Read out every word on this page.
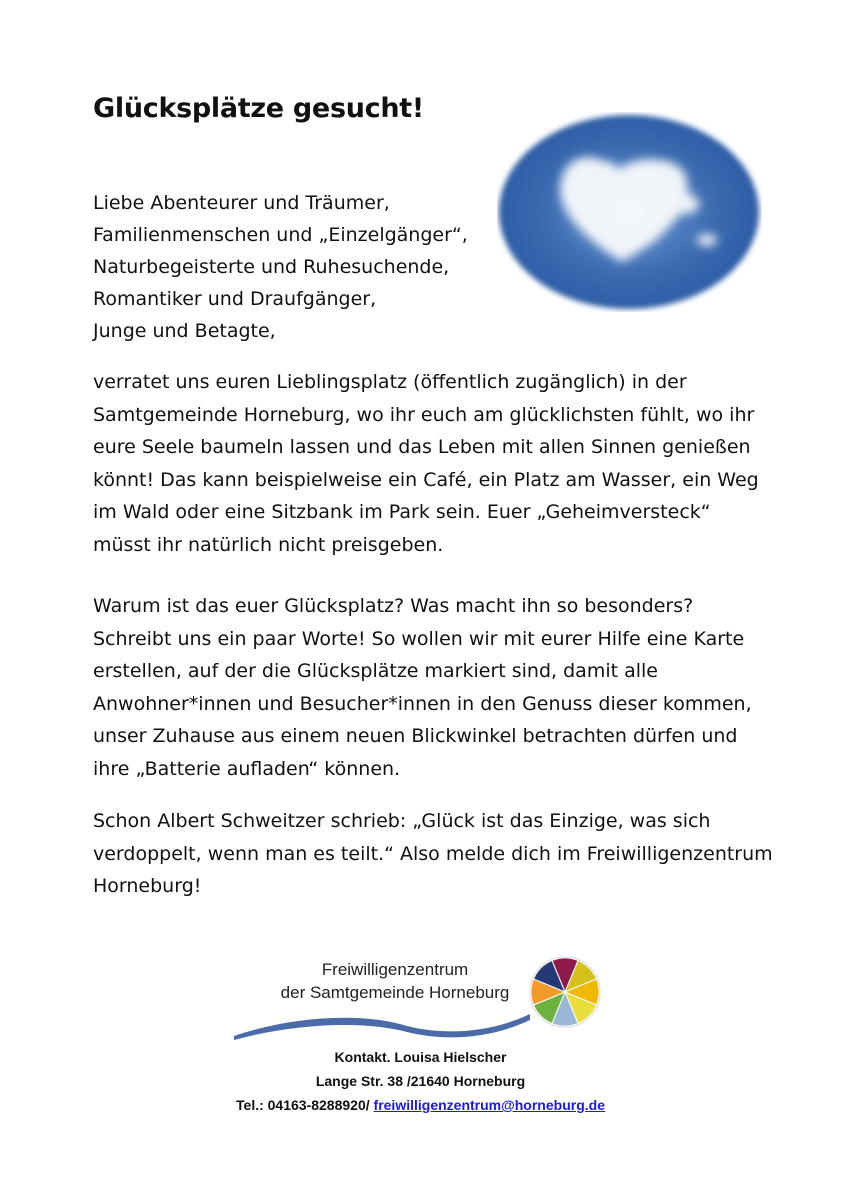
Glücksplätze gesucht!
Liebe Abenteurer und Träumer,
Familienmenschen und „Einzelgänger“,
Naturbegeisterte und Ruhesuchende,
Romantiker und Draufgänger,
Junge und Betagte,

verratet uns euren Lieblingsplatz (öffentlich zugänglich) in der Samtgemeinde Horneburg, wo ihr euch am glücklichsten fühlt, wo ihr eure Seele baumeln lassen und das Leben mit allen Sinnen genießen könnt! Das kann beispielweise ein Café, ein Platz am Wasser, ein Weg im Wald oder eine Sitzbank im Park sein. Euer „Geheimversteck“ müsst ihr natürlich nicht preisgeben.

Warum ist das euer Glücksplatz? Was macht ihn so besonders? Schreibt uns ein paar Worte! So wollen wir mit eurer Hilfe eine Karte erstellen, auf der die Glücksplätze markiert sind, damit alle Anwohner*innen und Besucher*innen in den Genuss dieser kommen, unser Zuhause aus einem neuen Blickwinkel betrachten dürfen und ihre „Batterie aufladen“ können.

Schon Albert Schweitzer schrieb: „Glück ist das Einzige, was sich verdoppelt, wenn man es teilt.“ Also melde dich im Freiwilligenzentrum Horneburg!

Freiwilligenzentrum
der Samtgemeinde Horneburg
Kontakt. Louisa Hielscher
Lange Str. 38 /21640 Horneburg
Tel.: 04163-8288920/ freiwilligenzentrum@horneburg.de
